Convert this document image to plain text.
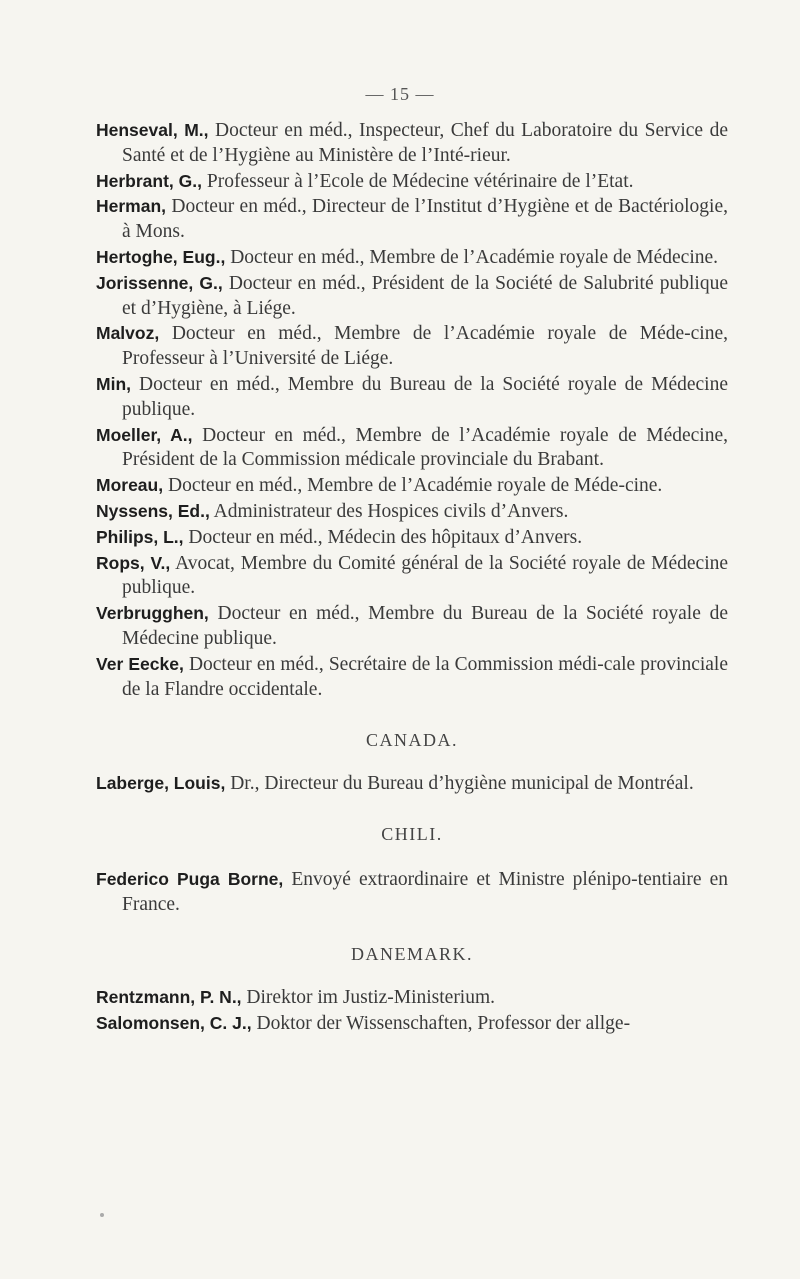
— 15 —

Henseval, M., Docteur en méd., Inspecteur, Chef du Laboratoire du Service de Santé et de l’Hygiène au Ministère de l’Inté-rieur.

Herbrant, G., Professeur à l’Ecole de Médecine vétérinaire de l’Etat.

Herman, Docteur en méd., Directeur de l’Institut d’Hygiène et de Bactériologie, à Mons.

Hertoghe, Eug., Docteur en méd., Membre de l’Académie royale de Médecine.

Jorissenne, G., Docteur en méd., Président de la Société de Salubrité publique et d’Hygiène, à Liége.

Malvoz, Docteur en méd., Membre de l’Académie royale de Méde-cine, Professeur à l’Université de Liége.

Min, Docteur en méd., Membre du Bureau de la Société royale de Médecine publique.

Moeller, A., Docteur en méd., Membre de l’Académie royale de Médecine, Président de la Commission médicale provinciale du Brabant.

Moreau, Docteur en méd., Membre de l’Académie royale de Méde-cine.

Nyssens, Ed., Administrateur des Hospices civils d’Anvers.

Philips, L., Docteur en méd., Médecin des hôpitaux d’Anvers.

Rops, V., Avocat, Membre du Comité général de la Société royale de Médecine publique.

Verbrugghen, Docteur en méd., Membre du Bureau de la Société royale de Médecine publique.

Ver Eecke, Docteur en méd., Secrétaire de la Commission médi-cale provinciale de la Flandre occidentale.

CANADA.

Laberge, Louis, Dr., Directeur du Bureau d’hygiène municipal de Montréal.

CHILI.

Federico Puga Borne, Envoyé extraordinaire et Ministre plénipo-tentiaire en France.

DANEMARK.

Rentzmann, P. N., Direktor im Justiz-Ministerium.

Salomonsen, C. J., Doktor der Wissenschaften, Professor der allge-
